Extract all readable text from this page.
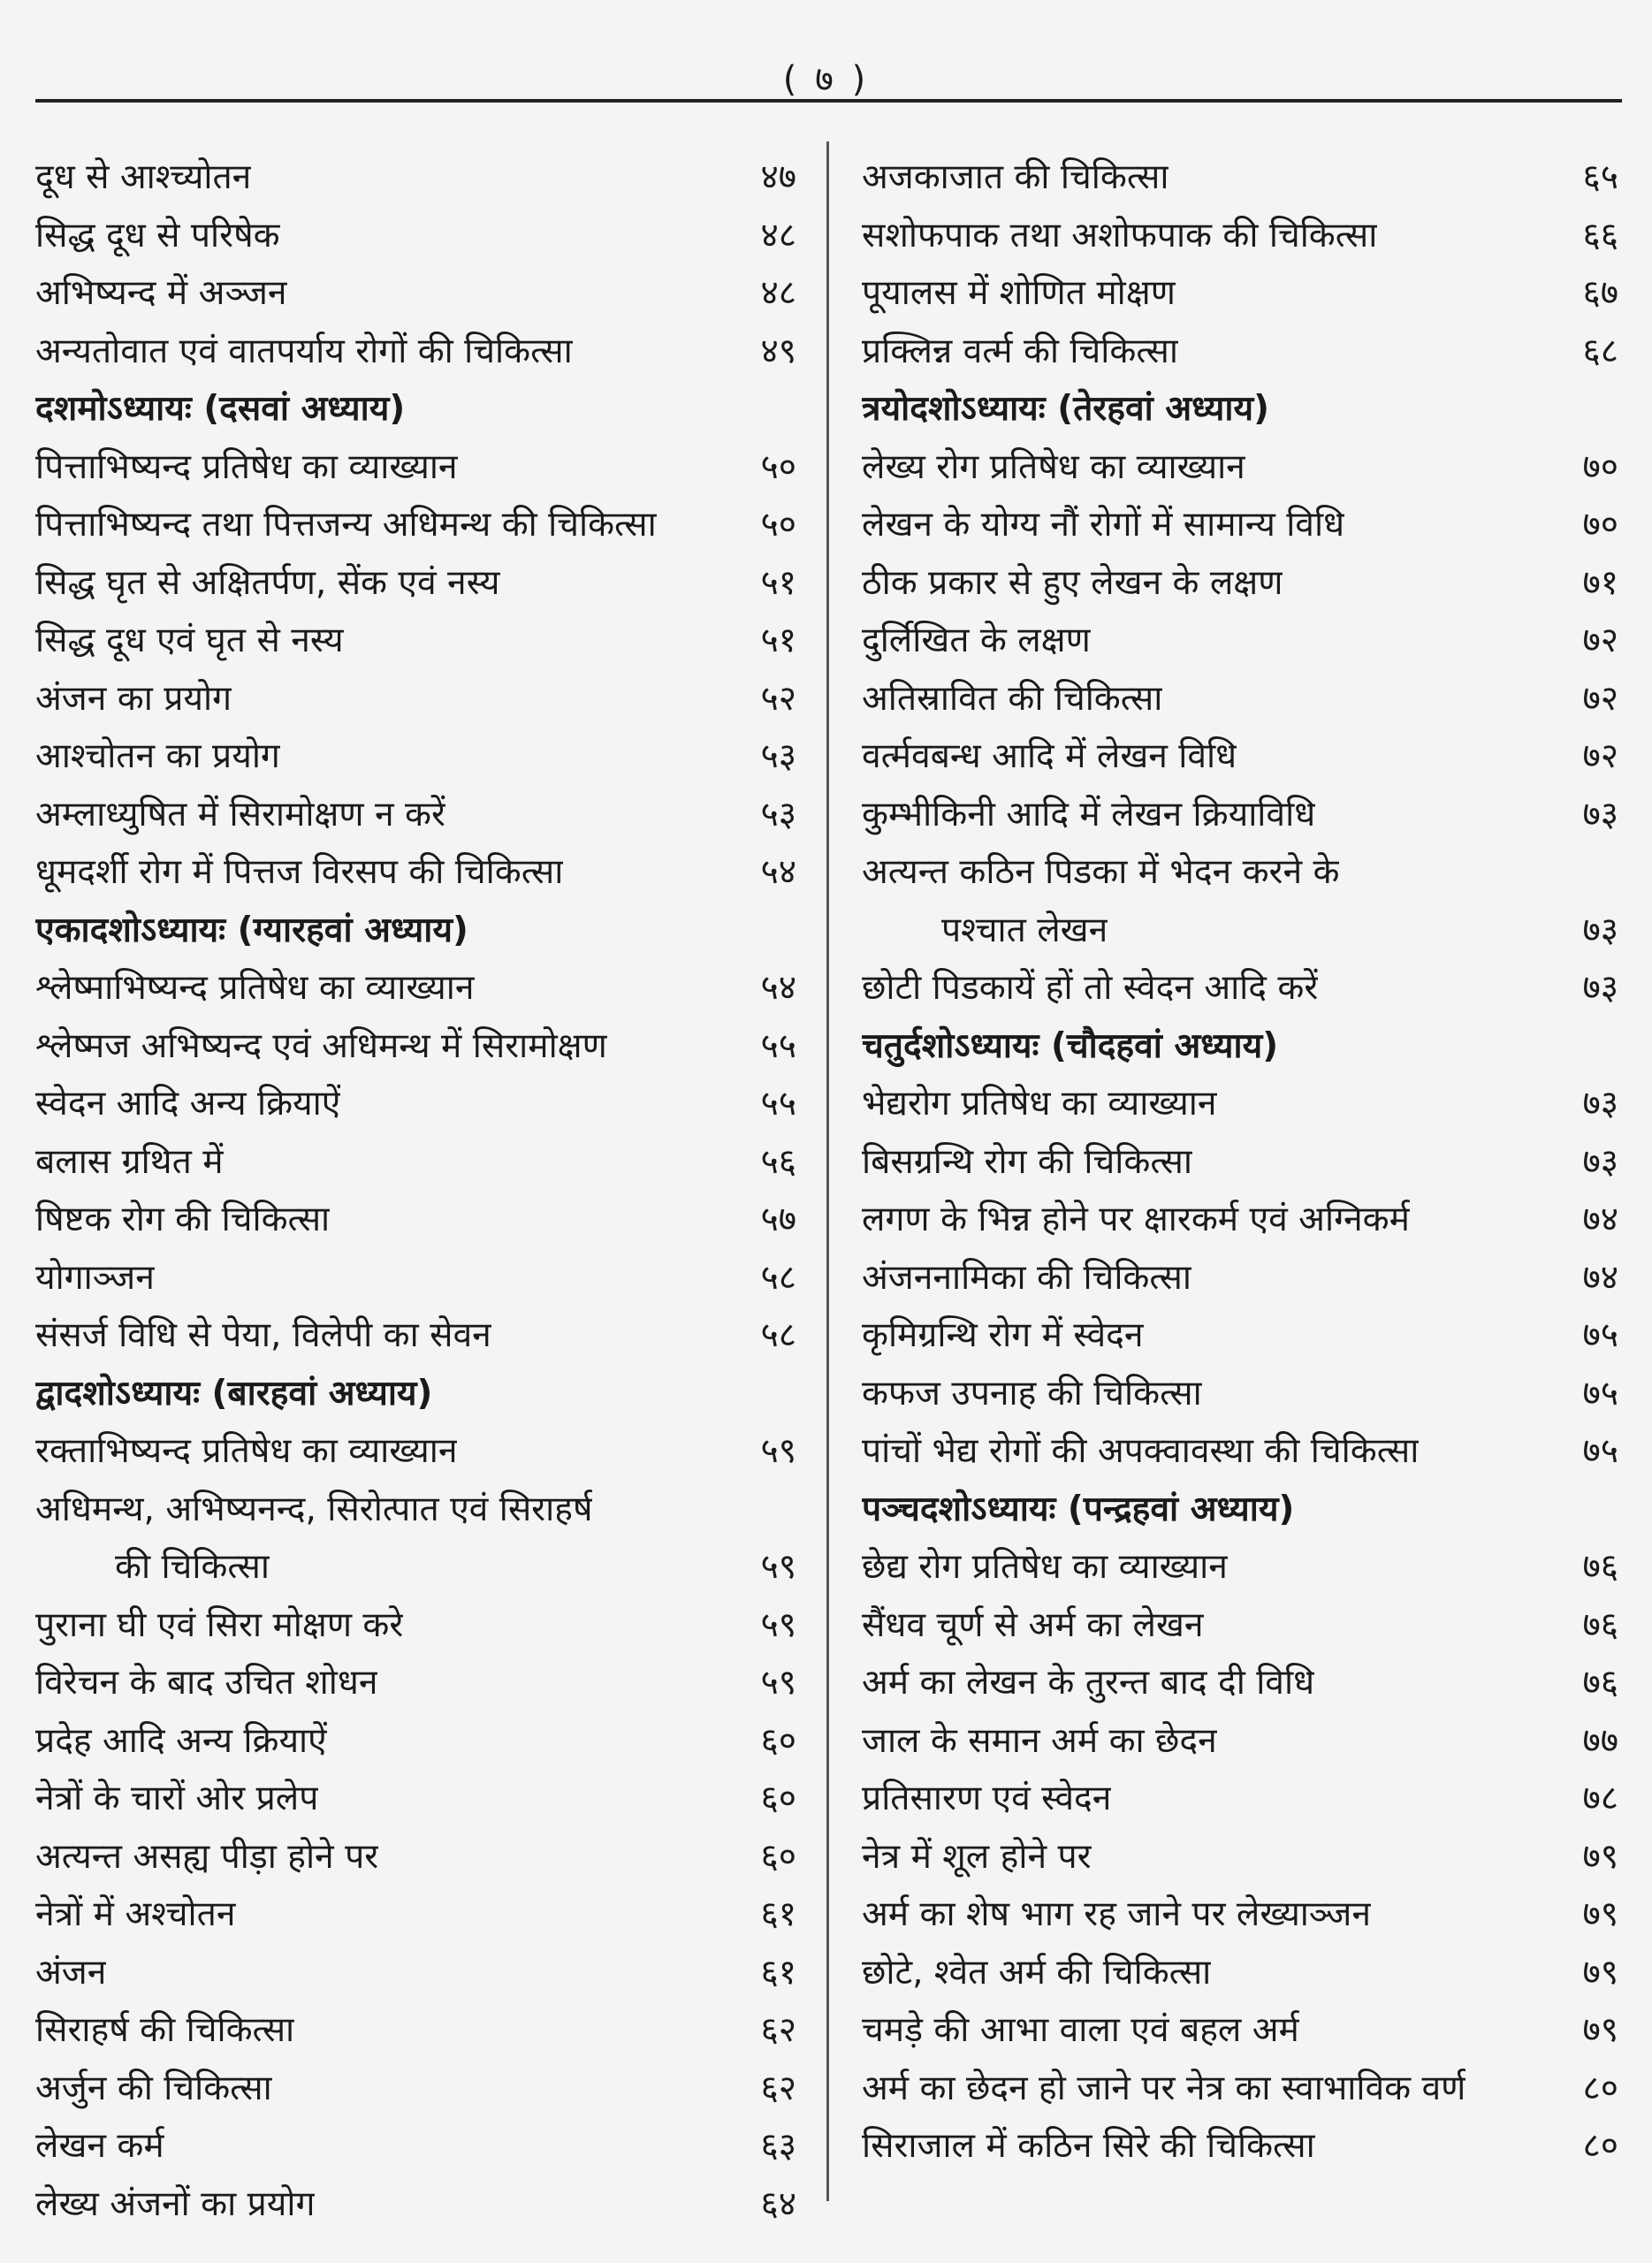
( ७ )
दूध से आश्च्योतन	४७
सिद्ध दूध से परिषेक	४८
अभिष्यन्द में अञ्जन	४८
अन्यतोवात एवं वातपर्याय रोगों की चिकित्सा	४९
दशमोऽध्यायः (दसवां अध्याय)
पित्ताभिष्यन्द प्रतिषेध का व्याख्यान	५०
पित्ताभिष्यन्द तथा पित्तजन्य अधिमन्थ की चिकित्सा	५०
सिद्ध घृत से अक्षितर्पण, सेंक एवं नस्य	५१
सिद्ध दूध एवं घृत से नस्य	५१
अंजन का प्रयोग	५२
आश्चोतन का प्रयोग	५३
अम्लाध्युषित में सिरामोक्षण न करें	५३
धूमदर्शी रोग में पित्तज विरसप की चिकित्सा	५४
एकादशोऽध्यायः (ग्यारहवां अध्याय)
श्लेष्माभिष्यन्द प्रतिषेध का व्याख्यान	५४
श्लेष्मज अभिष्यन्द एवं अधिमन्थ में सिरामोक्षण	५५
स्वेदन आदि अन्य क्रियाऐं	५५
बलास ग्रथित में	५६
षिष्टक रोग की चिकित्सा	५७
योगाञ्जन	५८
संसर्ज विधि से पेया, विलेपी का सेवन	५८
द्वादशोऽध्यायः (बारहवां अध्याय)
रक्ताभिष्यन्द प्रतिषेध का व्याख्यान	५९
अधिमन्थ, अभिष्यनन्द, सिरोत्पात एवं सिराहर्ष
की चिकित्सा	५९
पुराना घी एवं सिरा मोक्षण करे	५९
विरेचन के बाद उचित शोधन	५९
प्रदेह आदि अन्य क्रियाऐं	६०
नेत्रों के चारों ओर प्रलेप	६०
अत्यन्त असह्य पीड़ा होने पर	६०
नेत्रों में अश्चोतन	६१
अंजन	६१
सिराहर्ष की चिकित्सा	६२
अर्जुन की चिकित्सा	६२
लेखन कर्म	६३
लेख्य अंजनों का प्रयोग	६४
अजकाजात की चिकित्सा	६५
सशोफपाक तथा अशोफपाक की चिकित्सा	६६
पूयालस में शोणित मोक्षण	६७
प्रक्लिन्न वर्त्म की चिकित्सा	६८
त्रयोदशोऽध्यायः (तेरहवां अध्याय)
लेख्य रोग प्रतिषेध का व्याख्यान	७०
लेखन के योग्य नौं रोगों में सामान्य विधि	७०
ठीक प्रकार से हुए लेखन के लक्षण	७१
दुर्लिखित के लक्षण	७२
अतिस्रावित की चिकित्सा	७२
वर्त्मवबन्ध आदि में लेखन विधि	७२
कुम्भीकिनी आदि में लेखन क्रियाविधि	७३
अत्यन्त कठिन पिडका में भेदन करने के
पश्चात लेखन	७३
छोटी पिडकायें हों तो स्वेदन आदि करें	७३
चतुर्दशोऽध्यायः (चौदहवां अध्याय)
भेद्यरोग प्रतिषेध का व्याख्यान	७३
बिसग्रन्थि रोग की चिकित्सा	७३
लगण के भिन्न होने पर क्षारकर्म एवं अग्निकर्म	७४
अंजननामिका की चिकित्सा	७४
कृमिग्रन्थि रोग में स्वेदन	७५
कफज उपनाह की चिकित्सा	७५
पांचों भेद्य रोगों की अपक्वावस्था की चिकित्सा	७५
पञ्चदशोऽध्यायः (पन्द्रहवां अध्याय)
छेद्य रोग प्रतिषेध का व्याख्यान	७६
सैंधव चूर्ण से अर्म का लेखन	७६
अर्म का लेखन के तुरन्त बाद दी विधि	७६
जाल के समान अर्म का छेदन	७७
प्रतिसारण एवं स्वेदन	७८
नेत्र में शूल होने पर	७९
अर्म का शेष भाग रह जाने पर लेख्याञ्जन	७९
छोटे, श्वेत अर्म की चिकित्सा	७९
चमड़े की आभा वाला एवं बहल अर्म	७९
अर्म का छेदन हो जाने पर नेत्र का स्वाभाविक वर्ण	८०
सिराजाल में कठिन सिरे की चिकित्सा	८०
